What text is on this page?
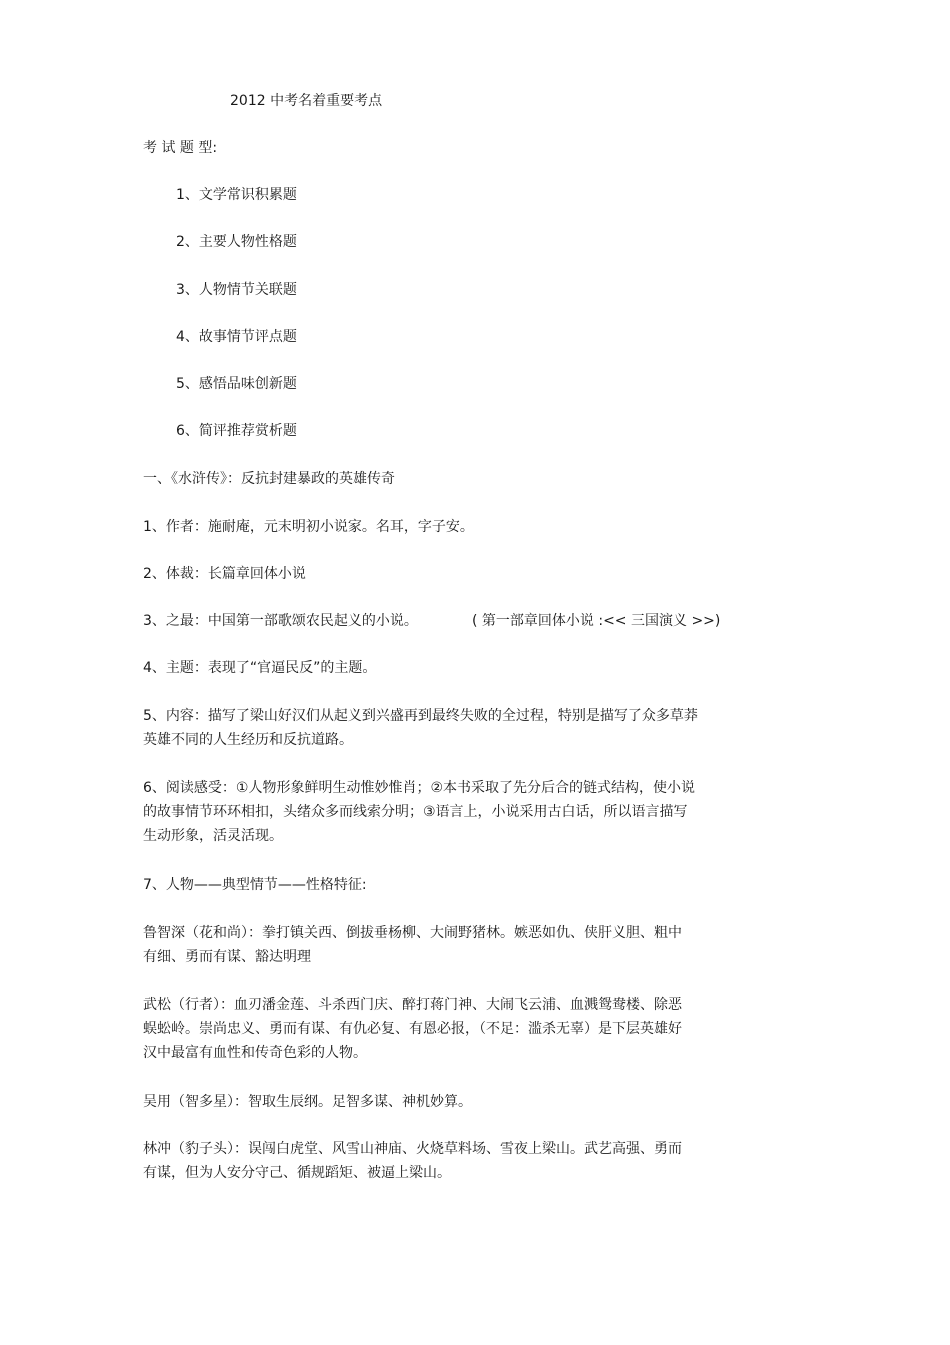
2012 中考名着重要考点
考 试 题 型:
1、文学常识积累题
2、主要人物性格题
3、人物情节关联题
4、故事情节评点题
5、感悟品味创新题
6、简评推荐赏析题
一、《水浒传》：反抗封建暴政的英雄传奇
1、作者：施耐庵，元末明初小说家。名耳，字子安。
2、体裁：长篇章回体小说
3、之最：中国第一部歌颂农民起义的小说。	( 第一部章回体小说 :<< 三国演义 >>)
4、主题：表现了“官逼民反”的主题。

5、内容：描写了梁山好汉们从起义到兴盛再到最终失败的全过程，特别是描写了众多草莽

英雄不同的人生经历和反抗道路。

6、阅读感受：①人物形象鲜明生动惟妙惟肖；②本书采取了先分后合的链式结构，使小说

的故事情节环环相扣，头绪众多而线索分明；③语言上，小说采用古白话，所以语言描写

生动形象，活灵活现。

7、人物——典型情节——性格特征:

鲁智深（花和尚）：拳打镇关西、倒拔垂杨柳、大闹野猪林。嫉恶如仇、侠肝义胆、粗中

有细、勇而有谋、豁达明理

武松（行者）：血刃潘金莲、斗杀西门庆、醉打蒋门神、大闹飞云浦、血溅鸳鸯楼、除恶

蜈蚣岭。崇尚忠义、勇而有谋、有仇必复、有恩必报，（不足：滥杀无辜）是下层英雄好

汉中最富有血性和传奇色彩的人物。

吴用（智多星）：智取生辰纲。足智多谋、神机妙算。

林冲（豹子头）：误闯白虎堂、风雪山神庙、火烧草料场、雪夜上梁山。武艺高强、勇而

有谋，但为人安分守己、循规蹈矩、被逼上梁山。
